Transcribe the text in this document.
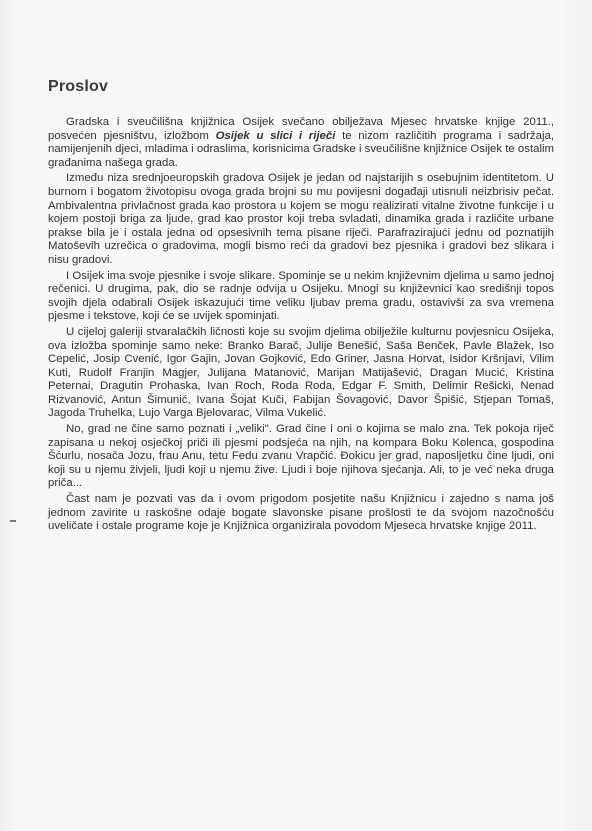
Proslov

Gradska i sveučilišna knjižnica Osijek svečano obilježava Mjesec hrvatske knjige 2011., posvećen pjesništvu, izložbom Osijek u slici i riječi te nizom različitih programa i sadržaja, namijenjenih djeci, mladima i odraslima, korisnicima Gradske i sveučilišne knjižnice Osijek te ostalim građanima našega grada.

Između niza srednjoeuropskih gradova Osijek je jedan od najstarijih s osebujnim identitetom. U burnom i bogatom životopisu ovoga grada brojni su mu povijesni događaji utisnuli neizbrisiv pečat. Ambivalentna privlačnost grada kao prostora u kojem se mogu realizirati vitalne životne funkcije i u kojem postoji briga za ljude, grad kao prostor koji treba svladati, dinamika grada i različite urbane prakse bila je i ostala jedna od opsesivnih tema pisane riječi. Parafrazirajući jednu od poznatijih Matoševih uzrečica o gradovima, mogli bismo reći da gradovi bez pjesnika i gradovi bez slikara i nisu gradovi.

I Osijek ima svoje pjesnike i svoje slikare. Spominje se u nekim književnim djelima u samo jednoj rečenici. U drugima, pak, dio se radnje odvija u Osijeku. Mnogi su književnici kao središnji topos svojih djela odabrali Osijek iskazujući time veliku ljubav prema gradu, ostavivši za sva vremena pjesme i tekstove, koji će se uvijek spominjati.

U cijeloj galeriji stvaralačkih ličnosti koje su svojim djelima obilježile kulturnu povjesnicu Osijeka, ova izložba spominje samo neke: Branko Barač, Julije Benešić, Saša Benček, Pavle Blažek, Iso Cepelić, Josip Cvenić, Igor Gajin, Jovan Gojković, Edo Griner, Jasna Horvat, Isidor Kršnjavi, Vilim Kuti, Rudolf Franjin Magjer, Julijana Matanović, Marijan Matijašević, Dragan Mucić, Kristina Peternai, Dragutin Prohaska, Ivan Roch, Roda Roda, Edgar F. Smith, Delimir Rešicki, Nenad Rizvanović, Antun Šimunić, Ivana Šojat Kuči, Fabijan Šovagović, Davor Špišić, Stjepan Tomaš, Jagoda Truhelka, Lujo Varga Bjelovarac, Vilma Vukelić.

No, grad ne čine samo poznati i „veliki". Grad čine i oni o kojima se malo zna. Tek pokoja riječ zapisana u nekoj osječkoj priči ili pjesmi podsjeća na njih, na kompara Boku Kolenca, gospodina Šćurlu, nosača Jozu, frau Anu, tetu Fedu zvanu Vrapčić. Đokicu jer grad, naposljetku čine ljudi, oni koji su u njemu živjeli, ljudi koji u njemu žive. Ljudi i boje njihova sjećanja. Ali, to je već neka druga priča...

Čast nam je pozvati vas da i ovom prigodom posjetite našu Knjižnicu i zajedno s nama još jednom zavirite u raskošne odaje bogate slavonske pisane prošlosti te da svojom nazočnošću uveličate i ostale programe koje je Knjižnica organizirala povodom Mjeseca hrvatske knjige 2011.
